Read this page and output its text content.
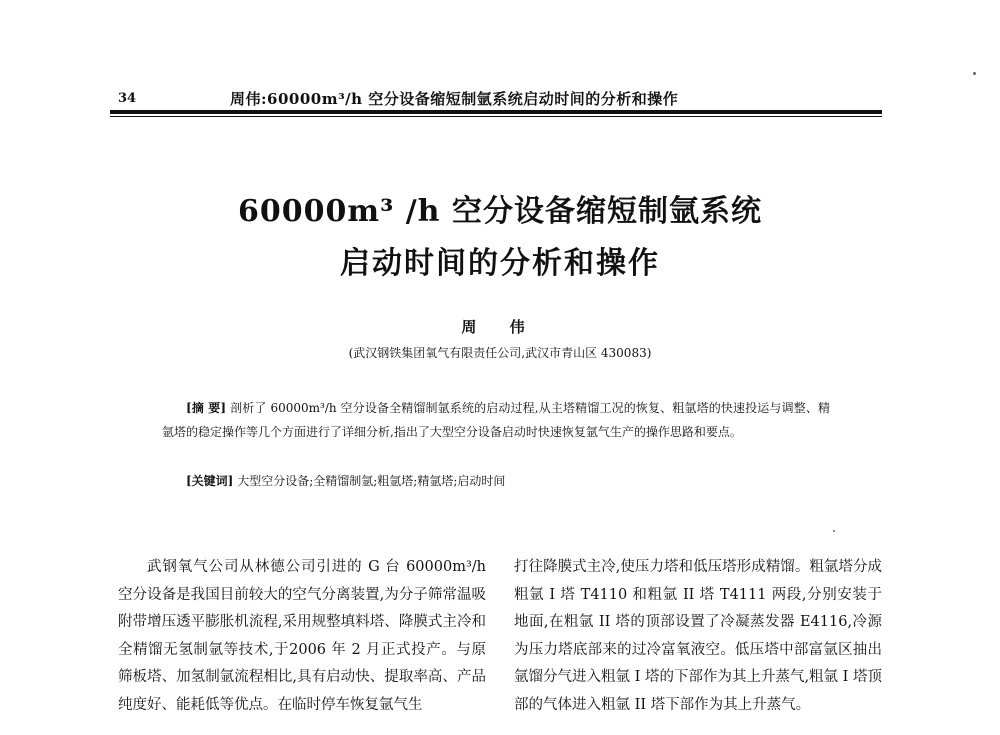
34	周伟:60000m³/h 空分设备缩短制氩系统启动时间的分析和操作
60000m³ /h 空分设备缩短制氩系统
启动时间的分析和操作
周 伟
(武汉钢铁集团氧气有限责任公司,武汉市青山区 430083)
[摘 要] 剖析了 60000m³/h 空分设备全精馏制氩系统的启动过程,从主塔精馏工况的恢复、粗氩塔的快速投运与调整、精氩塔的稳定操作等几个方面进行了详细分析,指出了大型空分设备启动时快速恢复氩气生产的操作思路和要点。
[关键词] 大型空分设备;全精馏制氩;粗氩塔;精氩塔;启动时间
武钢氧气公司从林德公司引进的 G 台 60000m³/h 空分设备是我国目前较大的空气分离装置,为分子筛常温吸附带增压透平膨胀机流程,采用规整填料塔、降膜式主冷和全精馏无氢制氩等技术,于2006 年 2 月正式投产。与原筛板塔、加氢制氩流程相比,具有启动快、提取率高、产品纯度好、能耗低等优点。在临时停车恢复氩气生
打往降膜式主冷,使压力塔和低压塔形成精馏。粗氩塔分成粗氩 I 塔 T4110 和粗氩 II 塔 T4111 两段,分别安装于地面,在粗氩 II 塔的顶部设置了冷凝蒸发器 E4116,冷源为压力塔底部来的过冷富氧液空。低压塔中部富氩区抽出氩馏分气进入粗氩 I 塔的下部作为其上升蒸气,粗氩 I 塔顶部的气体进入粗氩 II 塔下部作为其上升蒸气。
